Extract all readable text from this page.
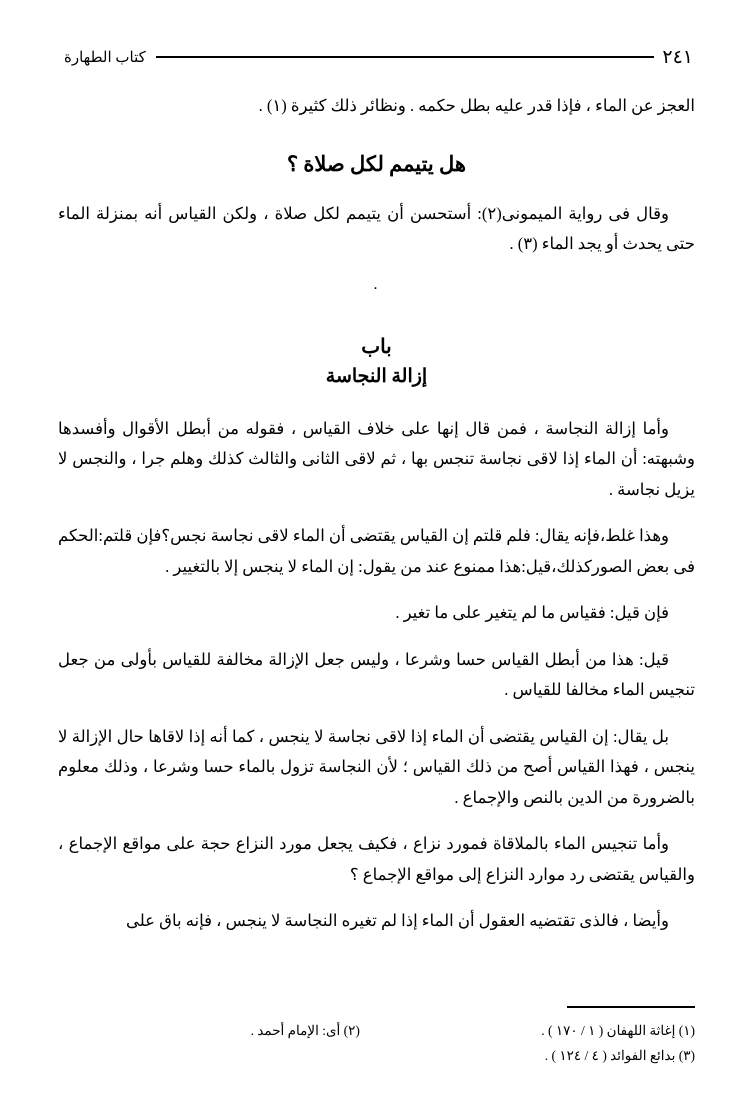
٢٤١
كتاب الطهارة

العجز عن الماء ، فإذا قدر عليه بطل حكمه . ونظائر ذلك كثيرة (١) .

هل يتيمم لكل صلاة ؟

وقال فى رواية الميمونى(٢): أستحسن أن يتيمم لكل صلاة ، ولكن القياس أنه بمنزلة الماء حتى يحدث أو يجد الماء (٣) .

.
باب
إزالة النجاسة

وأما إزالة النجاسة ، فمن قال إنها على خلاف القياس ، فقوله من أبطل الأقوال وأفسدها وشبهته: أن الماء إذا لاقى نجاسة تنجس بها ، ثم لاقى الثانى والثالث كذلك وهلم جرا ، والنجس لا يزيل نجاسة .

وهذا غلط،فإنه يقال: فلم قلتم إن القياس يقتضى أن الماء لاقى نجاسة نجس؟فإن قلتم:الحكم فى بعض الصوركذلك،قيل:هذا ممنوع عند من يقول: إن الماء لا ينجس إلا بالتغيير .

فإن قيل: فقياس ما لم يتغير على ما تغير .

قيل: هذا من أبطل القياس حسا وشرعا ، وليس جعل الإزالة مخالفة للقياس بأولى من جعل تنجيس الماء مخالفا للقياس .

بل يقال: إن القياس يقتضى أن الماء إذا لاقى نجاسة لا ينجس ، كما أنه إذا لاقاها حال الإزالة لا ينجس ، فهذا القياس أصح من ذلك القياس ؛ لأن النجاسة تزول بالماء حسا وشرعا ، وذلك معلوم بالضرورة من الدين بالنص والإجماع .

وأما تنجيس الماء بالملاقاة فمورد نزاع ، فكيف يجعل مورد النزاع حجة على مواقع الإجماع ، والقياس يقتضى رد موارد النزاع إلى مواقع الإجماع ؟

وأيضا ، فالذى تقتضيه العقول أن الماء إذا لم تغيره النجاسة لا ينجس ، فإنه باق على

(١) إغاثة اللهفان ( ١ / ١٧٠ ) .
(٢) أى: الإمام أحمد .
(٣) بدائع الفوائد ( ٤ / ١٢٤ ) .
